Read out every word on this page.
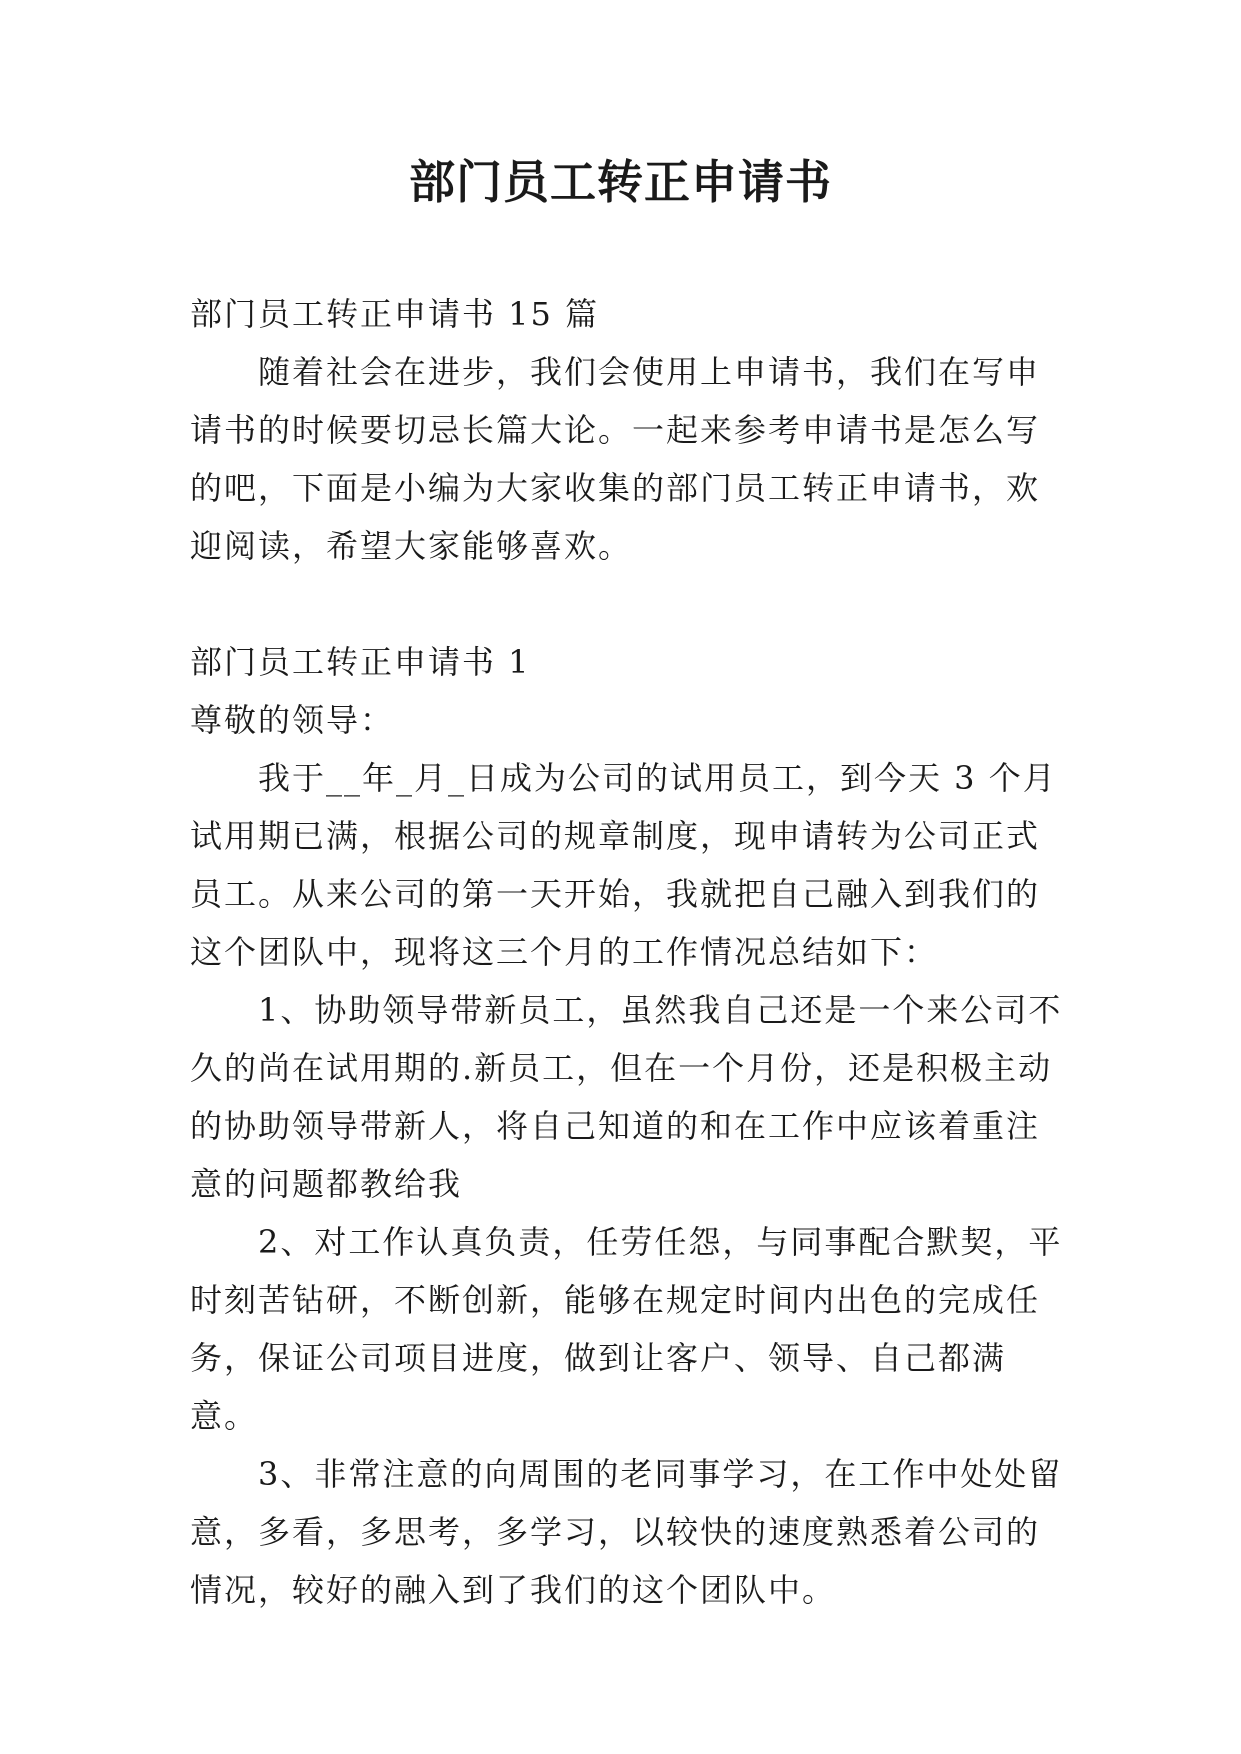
部门员工转正申请书

部门员工转正申请书 15 篇

随着社会在进步，我们会使用上申请书，我们在写申请书的时候要切忌长篇大论。一起来参考申请书是怎么写的吧，下面是小编为大家收集的部门员工转正申请书，欢迎阅读，希望大家能够喜欢。

部门员工转正申请书 1

尊敬的领导：

我于__年_月_日成为公司的试用员工，到今天 3 个月试用期已满，根据公司的规章制度，现申请转为公司正式员工。从来公司的第一天开始，我就把自己融入到我们的这个团队中，现将这三个月的工作情况总结如下：

1、协助领导带新员工，虽然我自己还是一个来公司不久的尚在试用期的.新员工，但在一个月份，还是积极主动的协助领导带新人，将自己知道的和在工作中应该着重注意的问题都教给我

2、对工作认真负责，任劳任怨，与同事配合默契，平时刻苦钻研，不断创新，能够在规定时间内出色的完成任务，保证公司项目进度，做到让客户、领导、自己都满意。

3、非常注意的向周围的老同事学习，在工作中处处留意，多看，多思考，多学习，以较快的速度熟悉着公司的情况，较好的融入到了我们的这个团队中。
